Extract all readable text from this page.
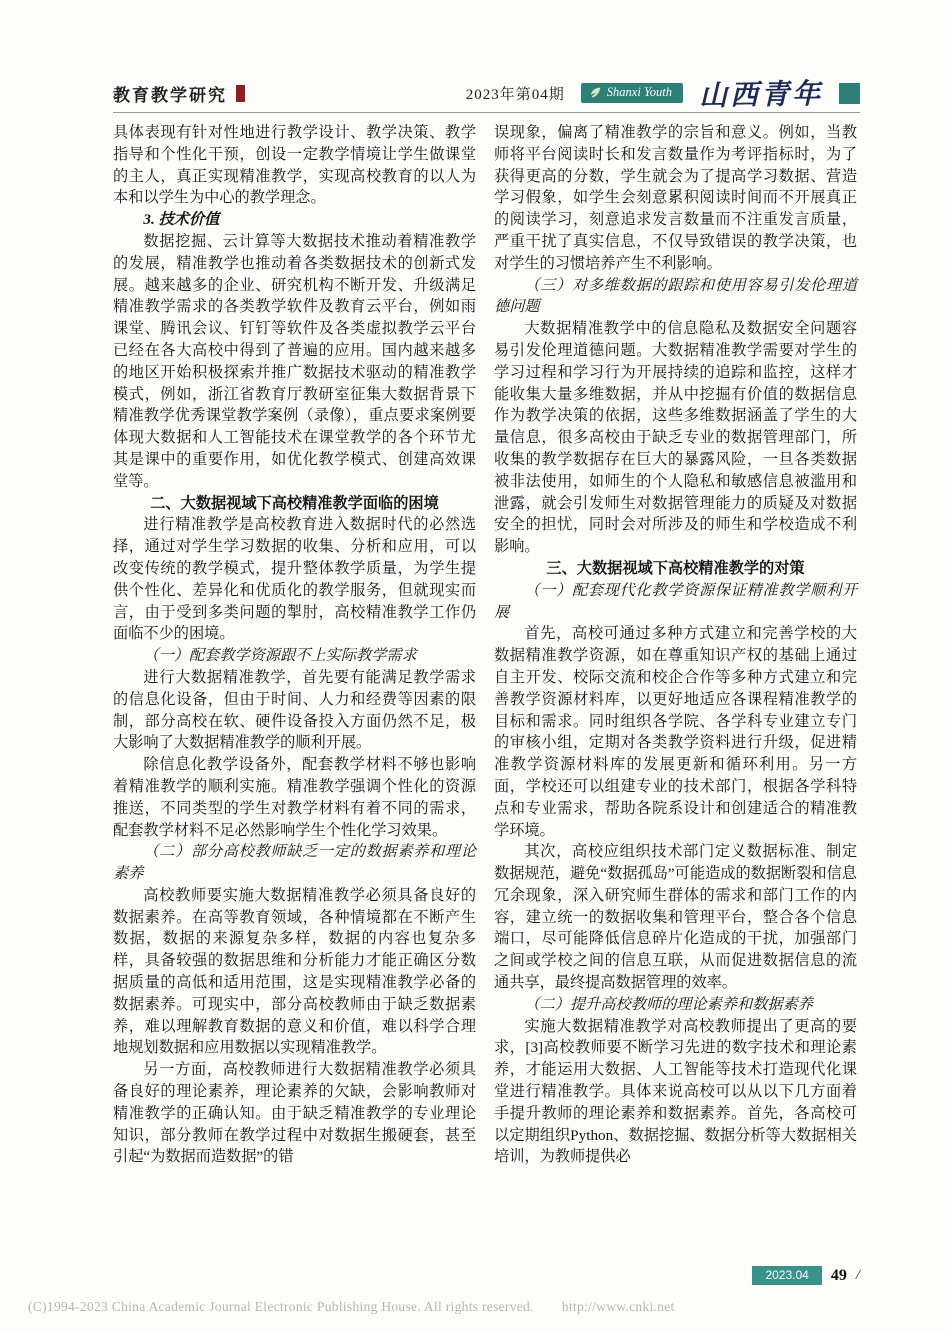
教育教学研究	2023年第04期	Shanxi Youth 山西青年

具体表现有针对性地进行教学设计、教学决策、教学指导和个性化干预，创设一定教学情境让学生做课堂的主人，真正实现精准教学，实现高校教育的以人为本和以学生为中心的教学理念。

3. 技术价值

数据挖掘、云计算等大数据技术推动着精准教学的发展，精准教学也推动着各类数据技术的创新式发展。越来越多的企业、研究机构不断开发、升级满足精准教学需求的各类教学软件及教育云平台，例如雨课堂、腾讯会议、钉钉等软件及各类虚拟教学云平台已经在各大高校中得到了普遍的应用。国内越来越多的地区开始积极探索并推广数据技术驱动的精准教学模式，例如，浙江省教育厅教研室征集大数据背景下精准教学优秀课堂教学案例（录像），重点要求案例要体现大数据和人工智能技术在课堂教学的各个环节尤其是课中的重要作用，如优化教学模式、创建高效课堂等。

二、大数据视域下高校精准教学面临的困境

进行精准教学是高校教育进入数据时代的必然选择，通过对学生学习数据的收集、分析和应用，可以改变传统的教学模式，提升整体教学质量，为学生提供个性化、差异化和优质化的教学服务，但就现实而言，由于受到多类问题的掣肘，高校精准教学工作仍面临不少的困境。

（一）配套教学资源跟不上实际教学需求

进行大数据精准教学，首先要有能满足教学需求的信息化设备，但由于时间、人力和经费等因素的限制，部分高校在软、硬件设备投入方面仍然不足，极大影响了大数据精准教学的顺利开展。

除信息化教学设备外，配套教学材料不够也影响着精准教学的顺利实施。精准教学强调个性化的资源推送，不同类型的学生对教学材料有着不同的需求，配套教学材料不足必然影响学生个性化学习效果。

（二）部分高校教师缺乏一定的数据素养和理论素养

高校教师要实施大数据精准教学必须具备良好的数据素养。在高等教育领域，各种情境都在不断产生数据，数据的来源复杂多样，数据的内容也复杂多样，具备较强的数据思维和分析能力才能正确区分数据质量的高低和适用范围，这是实现精准教学必备的数据素养。可现实中，部分高校教师由于缺乏数据素养，难以理解教育数据的意义和价值，难以科学合理地规划数据和应用数据以实现精准教学。

另一方面，高校教师进行大数据精准教学必须具备良好的理论素养，理论素养的欠缺，会影响教师对精准教学的正确认知。由于缺乏精准教学的专业理论知识，部分教师在教学过程中对数据生搬硬套，甚至引起“为数据而造数据”的错

误现象，偏离了精准教学的宗旨和意义。例如，当教师将平台阅读时长和发言数量作为考评指标时，为了获得更高的分数，学生就会为了提高学习数据、营造学习假象，如学生会刻意累积阅读时间而不开展真正的阅读学习，刻意追求发言数量而不注重发言质量，严重干扰了真实信息，不仅导致错误的教学决策，也对学生的习惯培养产生不利影响。

（三）对多维数据的跟踪和使用容易引发伦理道德问题

大数据精准教学中的信息隐私及数据安全问题容易引发伦理道德问题。大数据精准教学需要对学生的学习过程和学习行为开展持续的追踪和监控，这样才能收集大量多维数据，并从中挖掘有价值的数据信息作为教学决策的依据，这些多维数据涵盖了学生的大量信息，很多高校由于缺乏专业的数据管理部门，所收集的教学数据存在巨大的暴露风险，一旦各类数据被非法使用，如师生的个人隐私和敏感信息被滥用和泄露，就会引发师生对数据管理能力的质疑及对数据安全的担忧，同时会对所涉及的师生和学校造成不利影响。

三、大数据视域下高校精准教学的对策

（一）配套现代化教学资源保证精准教学顺利开展

首先，高校可通过多种方式建立和完善学校的大数据精准教学资源，如在尊重知识产权的基础上通过自主开发、校际交流和校企合作等多种方式建立和完善教学资源材料库，以更好地适应各课程精准教学的目标和需求。同时组织各学院、各学科专业建立专门的审核小组，定期对各类教学资料进行升级，促进精准教学资源材料库的发展更新和循环利用。另一方面，学校还可以组建专业的技术部门，根据各学科特点和专业需求，帮助各院系设计和创建适合的精准教学环境。

其次，高校应组织技术部门定义数据标准、制定数据规范，避免“数据孤岛”可能造成的数据断裂和信息冗余现象，深入研究师生群体的需求和部门工作的内容，建立统一的数据收集和管理平台，整合各个信息端口，尽可能降低信息碎片化造成的干扰，加强部门之间或学校之间的信息互联，从而促进数据信息的流通共享，最终提高数据管理的效率。

（二）提升高校教师的理论素养和数据素养

实施大数据精准教学对高校教师提出了更高的要求，[3]高校教师要不断学习先进的数字技术和理论素养，才能运用大数据、人工智能等技术打造现代化课堂进行精准教学。具体来说高校可以从以下几方面着手提升教师的理论素养和数据素养。首先，各高校可以定期组织Python、数据挖掘、数据分析等大数据相关培训，为教师提供必

2023.04	49 /
(C)1994-2023 China Academic Journal Electronic Publishing House. All rights reserved. http://www.cnki.net
